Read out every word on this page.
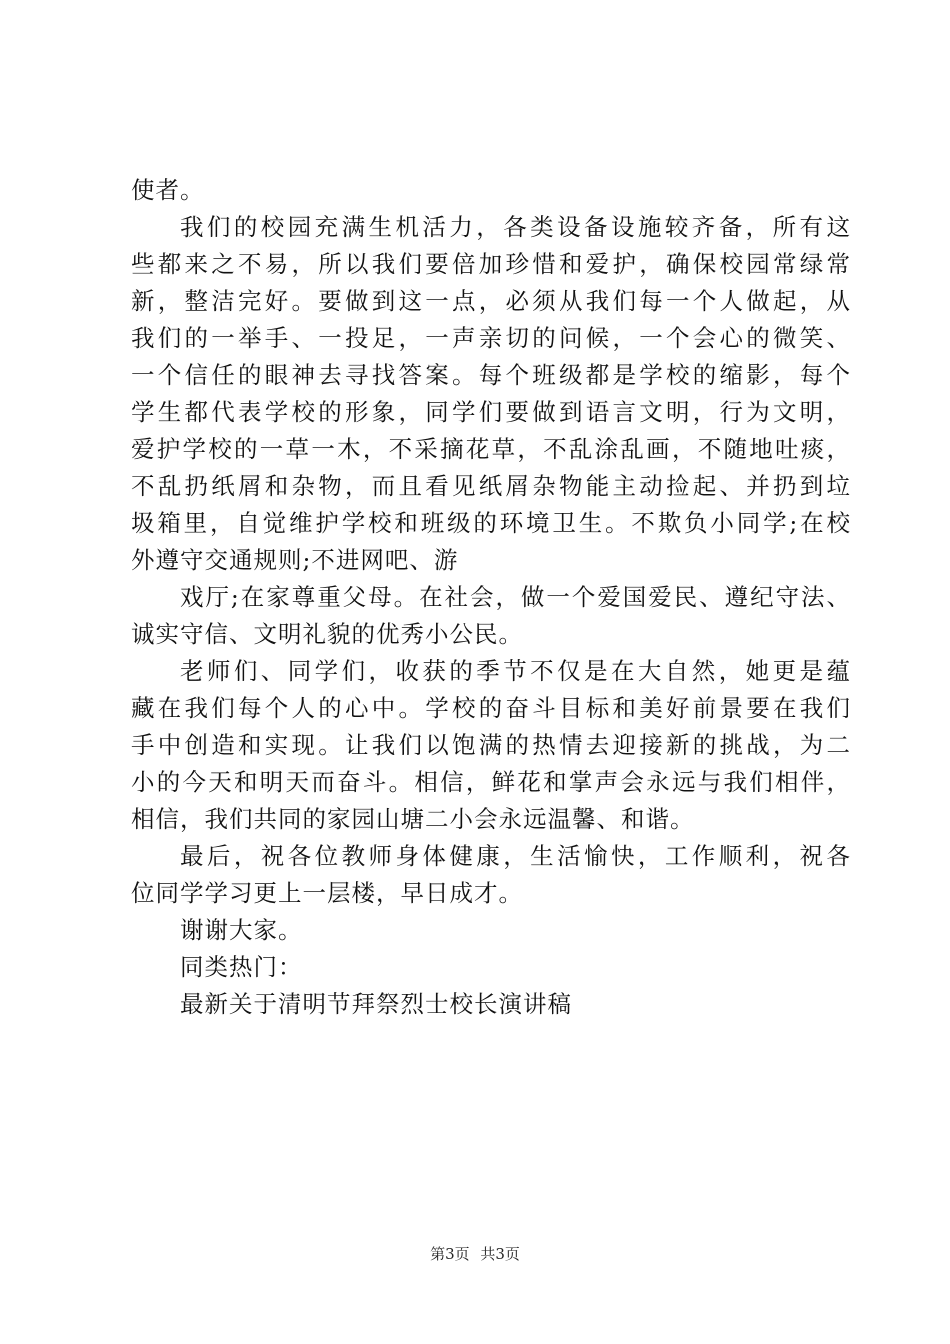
使者。
我们的校园充满生机活力，各类设备设施较齐备，所有这
些都来之不易，所以我们要倍加珍惜和爱护，确保校园常绿常
新，整洁完好。要做到这一点，必须从我们每一个人做起，从
我们的一举手、一投足，一声亲切的问候，一个会心的微笑、
一个信任的眼神去寻找答案。每个班级都是学校的缩影，每个
学生都代表学校的形象，同学们要做到语言文明，行为文明，
爱护学校的一草一木，不采摘花草，不乱涂乱画，不随地吐痰，
不乱扔纸屑和杂物，而且看见纸屑杂物能主动捡起、并扔到垃
圾箱里，自觉维护学校和班级的环境卫生。不欺负小同学;在校
外遵守交通规则;不进网吧、游
戏厅;在家尊重父母。在社会，做一个爱国爱民、遵纪守法、
诚实守信、文明礼貌的优秀小公民。
老师们、同学们，收获的季节不仅是在大自然，她更是蕴
藏在我们每个人的心中。学校的奋斗目标和美好前景要在我们
手中创造和实现。让我们以饱满的热情去迎接新的挑战，为二
小的今天和明天而奋斗。相信，鲜花和掌声会永远与我们相伴，
相信，我们共同的家园山塘二小会永远温馨、和谐。
最后，祝各位教师身体健康，生活愉快，工作顺利，祝各
位同学学习更上一层楼，早日成才。
谢谢大家。
同类热门：
最新关于清明节拜祭烈士校长演讲稿
第3页 共3页
